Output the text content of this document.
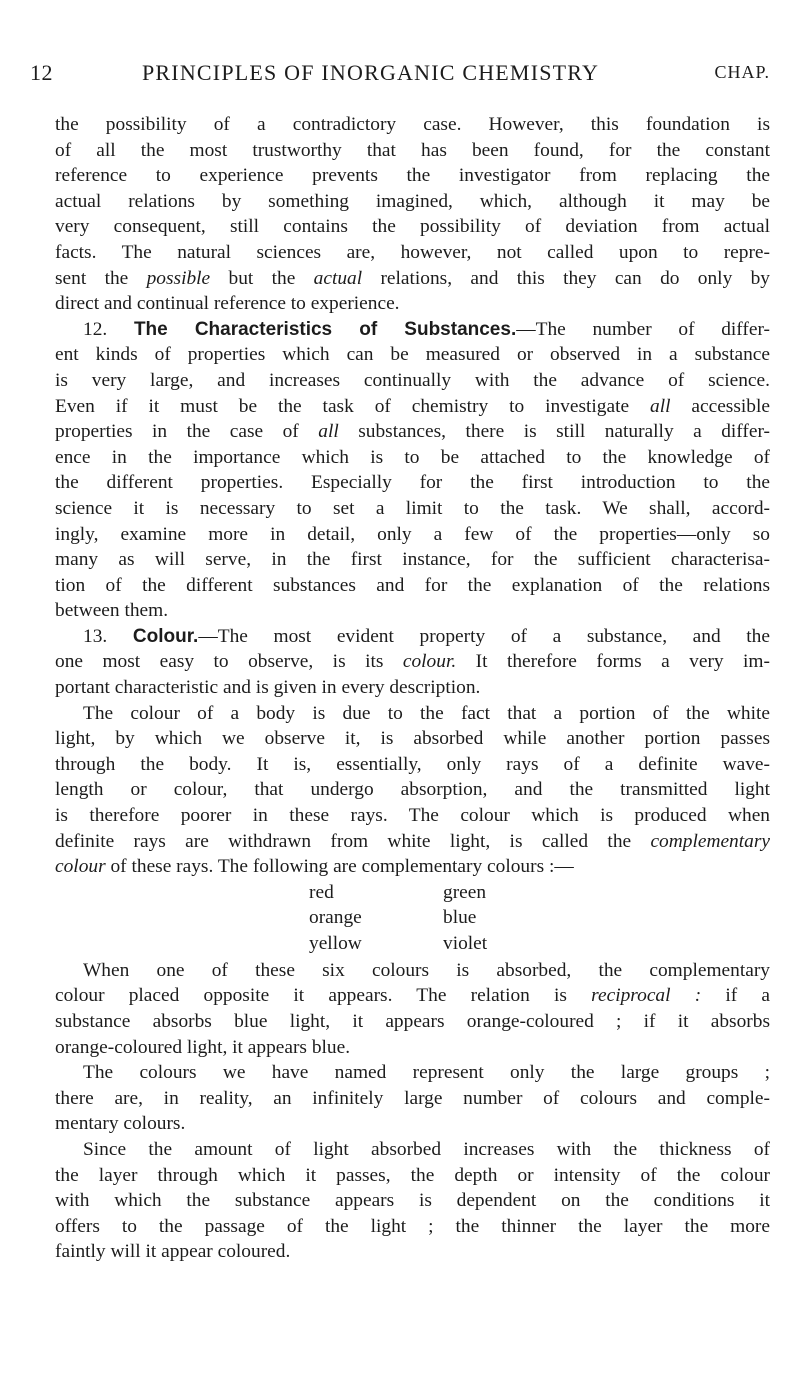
12	PRINCIPLES OF INORGANIC CHEMISTRY	CHAP.
the possibility of a contradictory case. However, this foundation is
of all the most trustworthy that has been found, for the constant
reference to experience prevents the investigator from replacing the
actual relations by something imagined, which, although it may be
very consequent, still contains the possibility of deviation from actual
facts. The natural sciences are, however, not called upon to repre-
sent the possible but the actual relations, and this they can do only by
direct and continual reference to experience.
12. The Characteristics of Substances.—The number of differ-
ent kinds of properties which can be measured or observed in a substance
is very large, and increases continually with the advance of science.
Even if it must be the task of chemistry to investigate all accessible
properties in the case of all substances, there is still naturally a differ-
ence in the importance which is to be attached to the knowledge of
the different properties. Especially for the first introduction to the
science it is necessary to set a limit to the task. We shall, accord-
ingly, examine more in detail, only a few of the properties—only so
many as will serve, in the first instance, for the sufficient characterisa-
tion of the different substances and for the explanation of the relations
between them.
13. Colour.—The most evident property of a substance, and the
one most easy to observe, is its colour. It therefore forms a very im-
portant characteristic and is given in every description.
The colour of a body is due to the fact that a portion of the white
light, by which we observe it, is absorbed while another portion passes
through the body. It is, essentially, only rays of a definite wave-
length or colour, that undergo absorption, and the transmitted light
is therefore poorer in these rays. The colour which is produced when
definite rays are withdrawn from white light, is called the complementary
colour of these rays. The following are complementary colours :—
red
orange
yellow
green
blue
violet
When one of these six colours is absorbed, the complementary
colour placed opposite it appears. The relation is reciprocal : if a
substance absorbs blue light, it appears orange-coloured ; if it absorbs
orange-coloured light, it appears blue.
The colours we have named represent only the large groups ;
there are, in reality, an infinitely large number of colours and comple-
mentary colours.
Since the amount of light absorbed increases with the thickness of
the layer through which it passes, the depth or intensity of the colour
with which the substance appears is dependent on the conditions it
offers to the passage of the light ; the thinner the layer the more
faintly will it appear coloured.
